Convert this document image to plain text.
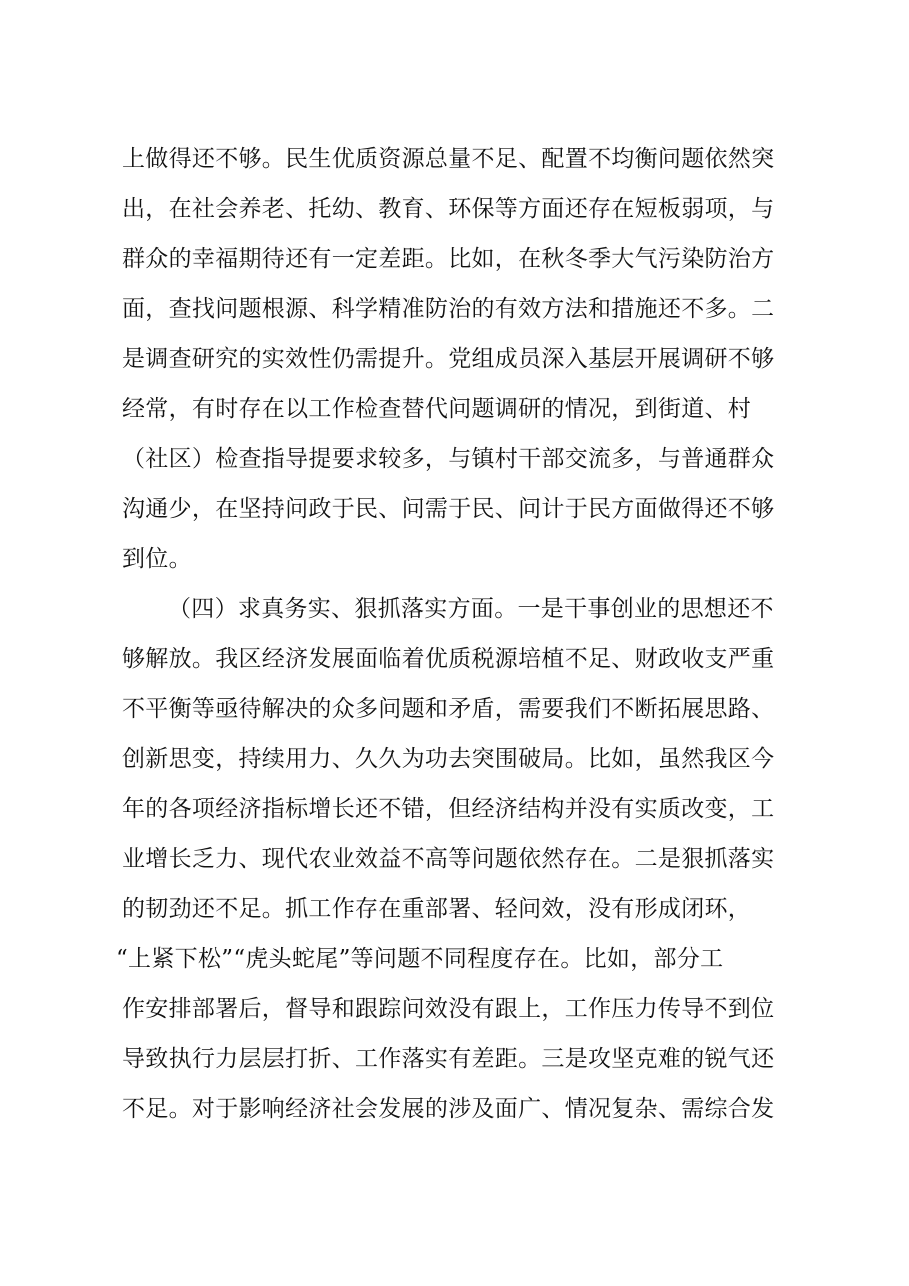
上做得还不够。民生优质资源总量不足、配置不均衡问题依然突
出，在社会养老、托幼、教育、环保等方面还存在短板弱项，与
群众的幸福期待还有一定差距。比如，在秋冬季大气污染防治方
面，查找问题根源、科学精准防治的有效方法和措施还不多。二
是调查研究的实效性仍需提升。党组成员深入基层开展调研不够
经常，有时存在以工作检查替代问题调研的情况，到街道、村
（社区）检查指导提要求较多，与镇村干部交流多，与普通群众
沟通少，在坚持问政于民、问需于民、问计于民方面做得还不够
到位。
（四）求真务实、狠抓落实方面。一是干事创业的思想还不
够解放。我区经济发展面临着优质税源培植不足、财政收支严重
不平衡等亟待解决的众多问题和矛盾，需要我们不断拓展思路、
创新思变，持续用力、久久为功去突围破局。比如，虽然我区今
年的各项经济指标增长还不错，但经济结构并没有实质改变，工
业增长乏力、现代农业效益不高等问题依然存在。二是狠抓落实
的韧劲还不足。抓工作存在重部署、轻问效，没有形成闭环，
“上紧下松”“虎头蛇尾”等问题不同程度存在。比如，部分工
作安排部署后，督导和跟踪问效没有跟上，工作压力传导不到位
导致执行力层层打折、工作落实有差距。三是攻坚克难的锐气还
不足。对于影响经济社会发展的涉及面广、情况复杂、需综合发
